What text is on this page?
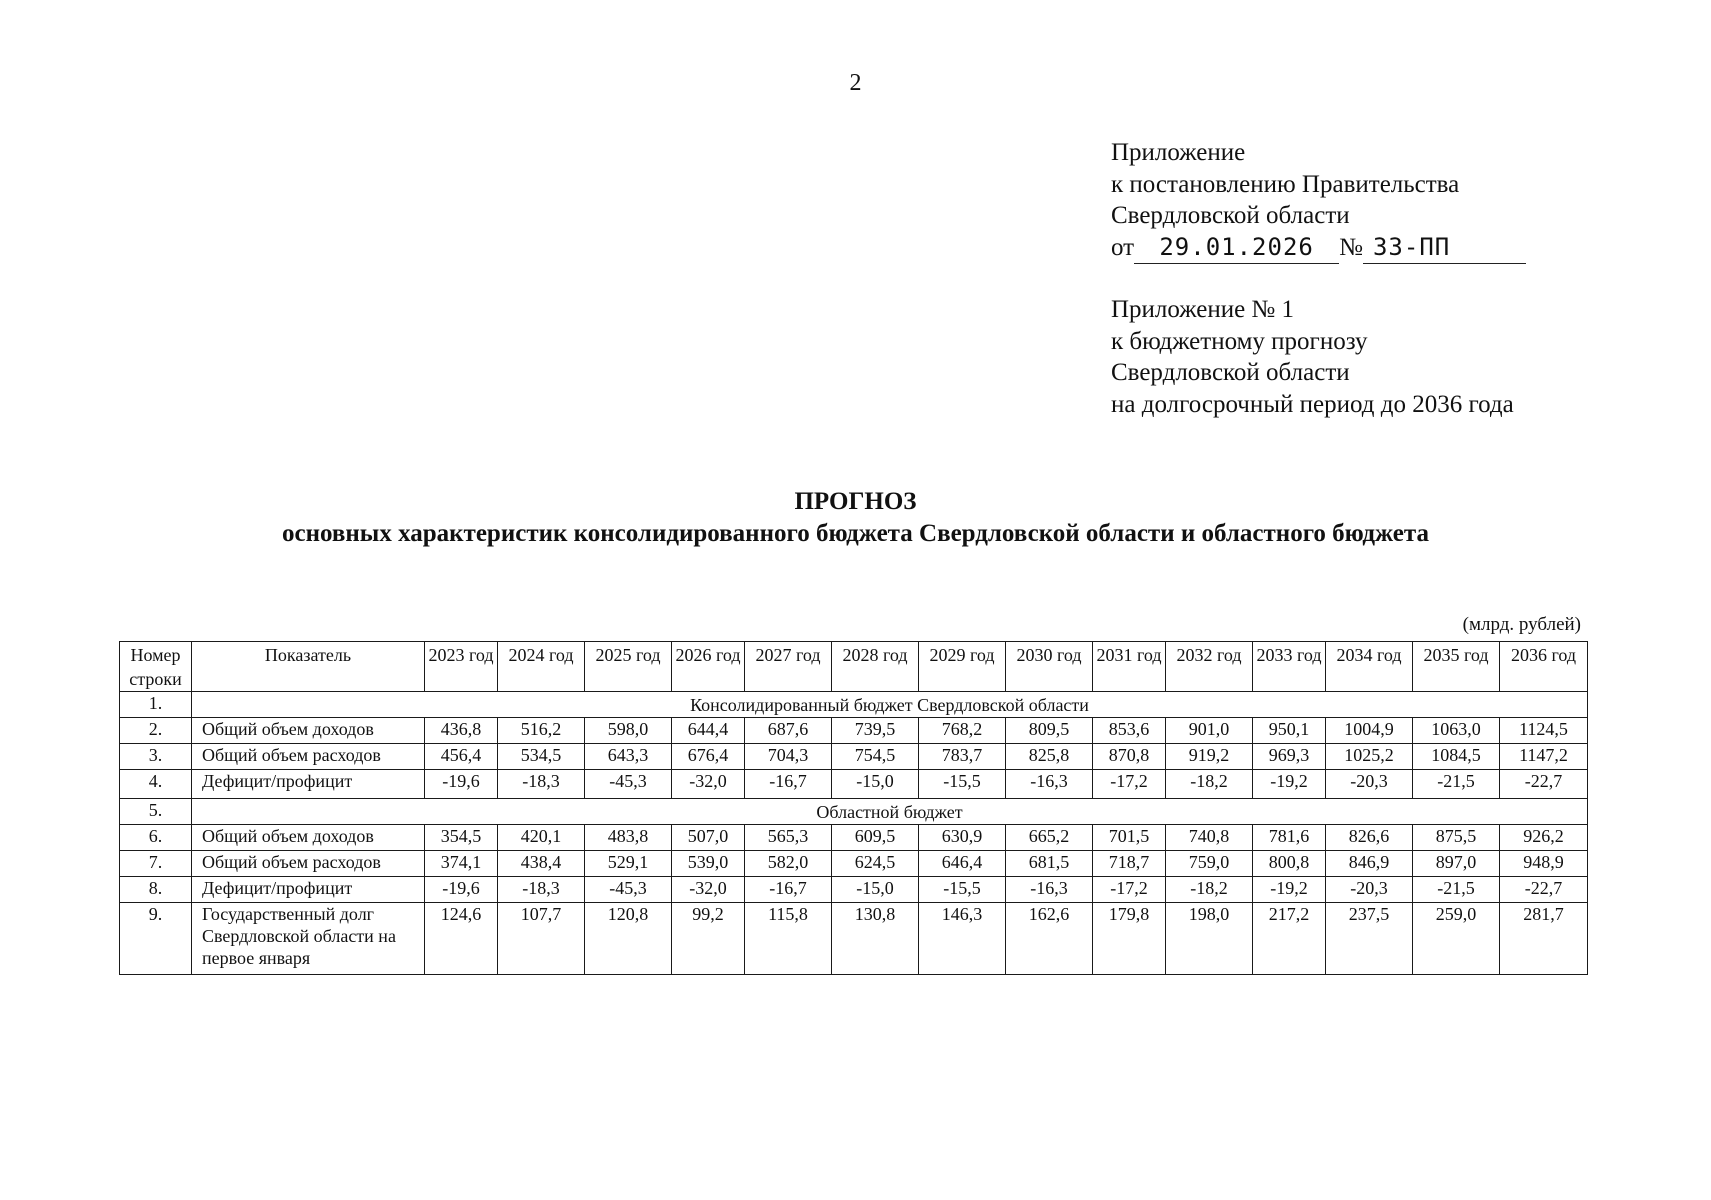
2
Приложение
к постановлению Правительства
Свердловской области
от 29.01.2026 № 33-ПП
Приложение № 1
к бюджетному прогнозу
Свердловской области
на долгосрочный период до 2036 года
ПРОГНОЗ
основных характеристик консолидированного бюджета Свердловской области и областного бюджета
(млрд. рублей)
Номер строки	Показатель	2023 год	2024 год	2025 год	2026 год	2027 год	2028 год	2029 год	2030 год	2031 год	2032 год	2033 год	2034 год	2035 год	2036 год
1.	Консолидированный бюджет Свердловской области														
2.	Общий объем доходов	436,8	516,2	598,0	644,4	687,6	739,5	768,2	809,5	853,6	901,0	950,1	1004,9	1063,0	1124,5
3.	Общий объем расходов	456,4	534,5	643,3	676,4	704,3	754,5	783,7	825,8	870,8	919,2	969,3	1025,2	1084,5	1147,2
4.	Дефицит/профицит	-19,6	-18,3	-45,3	-32,0	-16,7	-15,0	-15,5	-16,3	-17,2	-18,2	-19,2	-20,3	-21,5	-22,7
5.	Областной бюджет														
6.	Общий объем доходов	354,5	420,1	483,8	507,0	565,3	609,5	630,9	665,2	701,5	740,8	781,6	826,6	875,5	926,2
7.	Общий объем расходов	374,1	438,4	529,1	539,0	582,0	624,5	646,4	681,5	718,7	759,0	800,8	846,9	897,0	948,9
8.	Дефицит/профицит	-19,6	-18,3	-45,3	-32,0	-16,7	-15,0	-15,5	-16,3	-17,2	-18,2	-19,2	-20,3	-21,5	-22,7
9.	Государственный долг Свердловской области на первое января	124,6	107,7	120,8	99,2	115,8	130,8	146,3	162,6	179,8	198,0	217,2	237,5	259,0	281,7
